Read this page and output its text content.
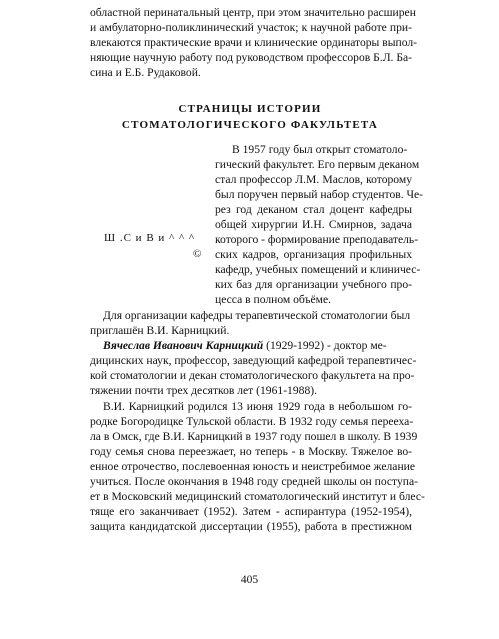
областной перинатальный центр, при этом значительно расширен
и амбулаторно-поликлинический участок; к научной работе при-
влекаются практические врачи и клинические ординаторы выпол-
няющие научную работу под руководством профессоров Б.Л. Ба-
сина и Е.Б. Рудаковой.
СТРАНИЦЫ ИСТОРИИ
СТОМАТОЛОГИЧЕСКОГО ФАКУЛЬТЕТА
Ш .С и В и ^ ^ ^
©
В 1957 году был открыт стоматоло-
гический факультет. Его первым деканом
стал профессор Л.М. Маслов, которому
был поручен первый набор студентов. Че-
рез год деканом стал доцент кафедры
общей хирургии И.Н. Смирнов, задача
которого - формирование преподаватель-
ских кадров, организация профильных
кафедр, учебных помещений и клиничес-
ких баз для организации учебного про-
цесса в полном объёме.
Для организации кафедры терапевтической стоматологии был
приглашён В.И. Карницкий.
Вячеслав Иванович Карницкий (1929-1992) - доктор ме-
дицинских наук, профессор, заведующий кафедрой терапевтичес-
кой стоматологии и декан стоматологического факультета на про-
тяжении почти трех десятков лет (1961-1988).
В.И. Карницкий родился 13 июня 1929 года в небольшом го-
родке Богородицке Тульской области. В 1932 году семья перееха-
ла в Омск, где В.И. Карницкий в 1937 году пошел в школу. В 1939
году семья снова переезжает, но теперь - в Москву. Тяжелое во-
енное отрочество, послевоенная юность и неистребимое желание
учиться. После окончания в 1948 году средней школы он поступа-
ет в Московский медицинский стоматологический институт и блес-
тяще его заканчивает (1952). Затем - аспирантура (1952-1954),
защита кандидатской диссертации (1955), работа в престижном
405
